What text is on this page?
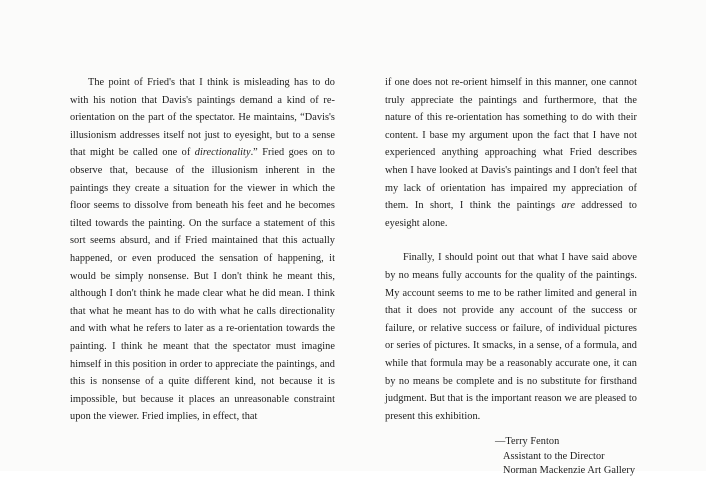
The point of Fried's that I think is misleading has to do with his notion that Davis's paintings demand a kind of re-orientation on the part of the spectator. He maintains, “Davis's illusionism addresses itself not just to eyesight, but to a sense that might be called one of directionality.” Fried goes on to observe that, because of the illusionism inherent in the paintings they create a situation for the viewer in which the floor seems to dissolve from beneath his feet and he becomes tilted towards the painting. On the surface a statement of this sort seems absurd, and if Fried maintained that this actually happened, or even produced the sensation of happening, it would be simply nonsense. But I don't think he meant this, although I don't think he made clear what he did mean. I think that what he meant has to do with what he calls directionality and with what he refers to later as a re-orientation towards the painting. I think he meant that the spectator must imagine himself in this position in order to appreciate the paintings, and this is nonsense of a quite different kind, not because it is impossible, but because it places an unreasonable constraint upon the viewer. Fried implies, in effect, that

if one does not re-orient himself in this manner, one cannot truly appreciate the paintings and furthermore, that the nature of this re-orientation has something to do with their content. I base my argument upon the fact that I have not experienced anything approaching what Fried describes when I have looked at Davis's paintings and I don't feel that my lack of orientation has impaired my appreciation of them. In short, I think the paintings are addressed to eyesight alone.

Finally, I should point out that what I have said above by no means fully accounts for the quality of the paintings. My account seems to me to be rather limited and general in that it does not provide any account of the success or failure, or relative success or failure, of individual pictures or series of pictures. It smacks, in a sense, of a formula, and while that formula may be a reasonably accurate one, it can by no means be complete and is no substitute for firsthand judgment. But that is the important reason we are pleased to present this exhibition.

—Terry Fenton
Assistant to the Director
Norman Mackenzie Art Gallery
